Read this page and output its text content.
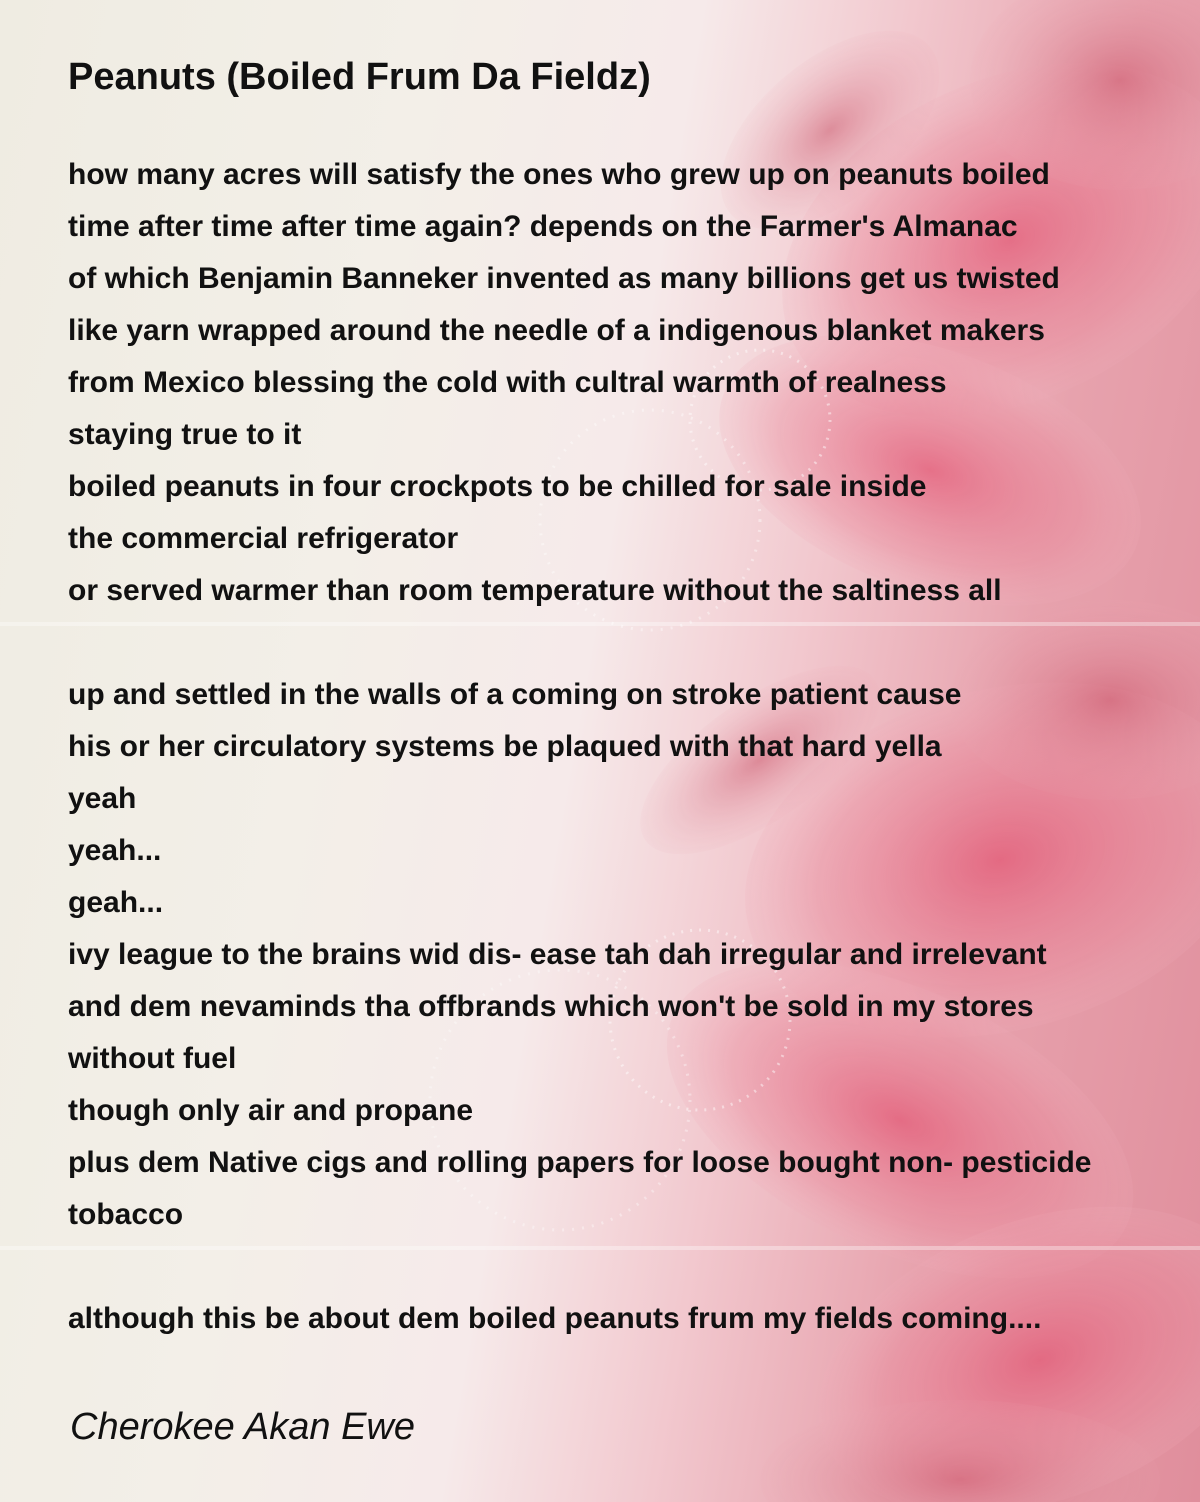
Peanuts (Boiled Frum Da Fieldz)
how many acres will satisfy the ones who grew up on peanuts boiled
time after time after time again? depends on the Farmer's Almanac
of which Benjamin Banneker invented as many billions get us twisted
like yarn wrapped around the needle of a indigenous blanket makers
from Mexico blessing the cold with cultral warmth of realness
staying true to it
boiled peanuts in four crockpots to be chilled for sale inside
the commercial refrigerator
or served warmer than room temperature without the saltiness all
up and settled in the walls of a coming on stroke patient cause
his or her circulatory systems be plaqued with that hard yella
yeah
yeah...
geah...
ivy league to the brains wid dis- ease tah dah irregular and irrelevant
and dem nevaminds tha offbrands which won't be sold in my stores
without fuel
though only air and propane
plus dem Native cigs and rolling papers for loose bought non- pesticide
tobacco
although this be about dem boiled peanuts frum my fields coming....
Cherokee Akan Ewe
